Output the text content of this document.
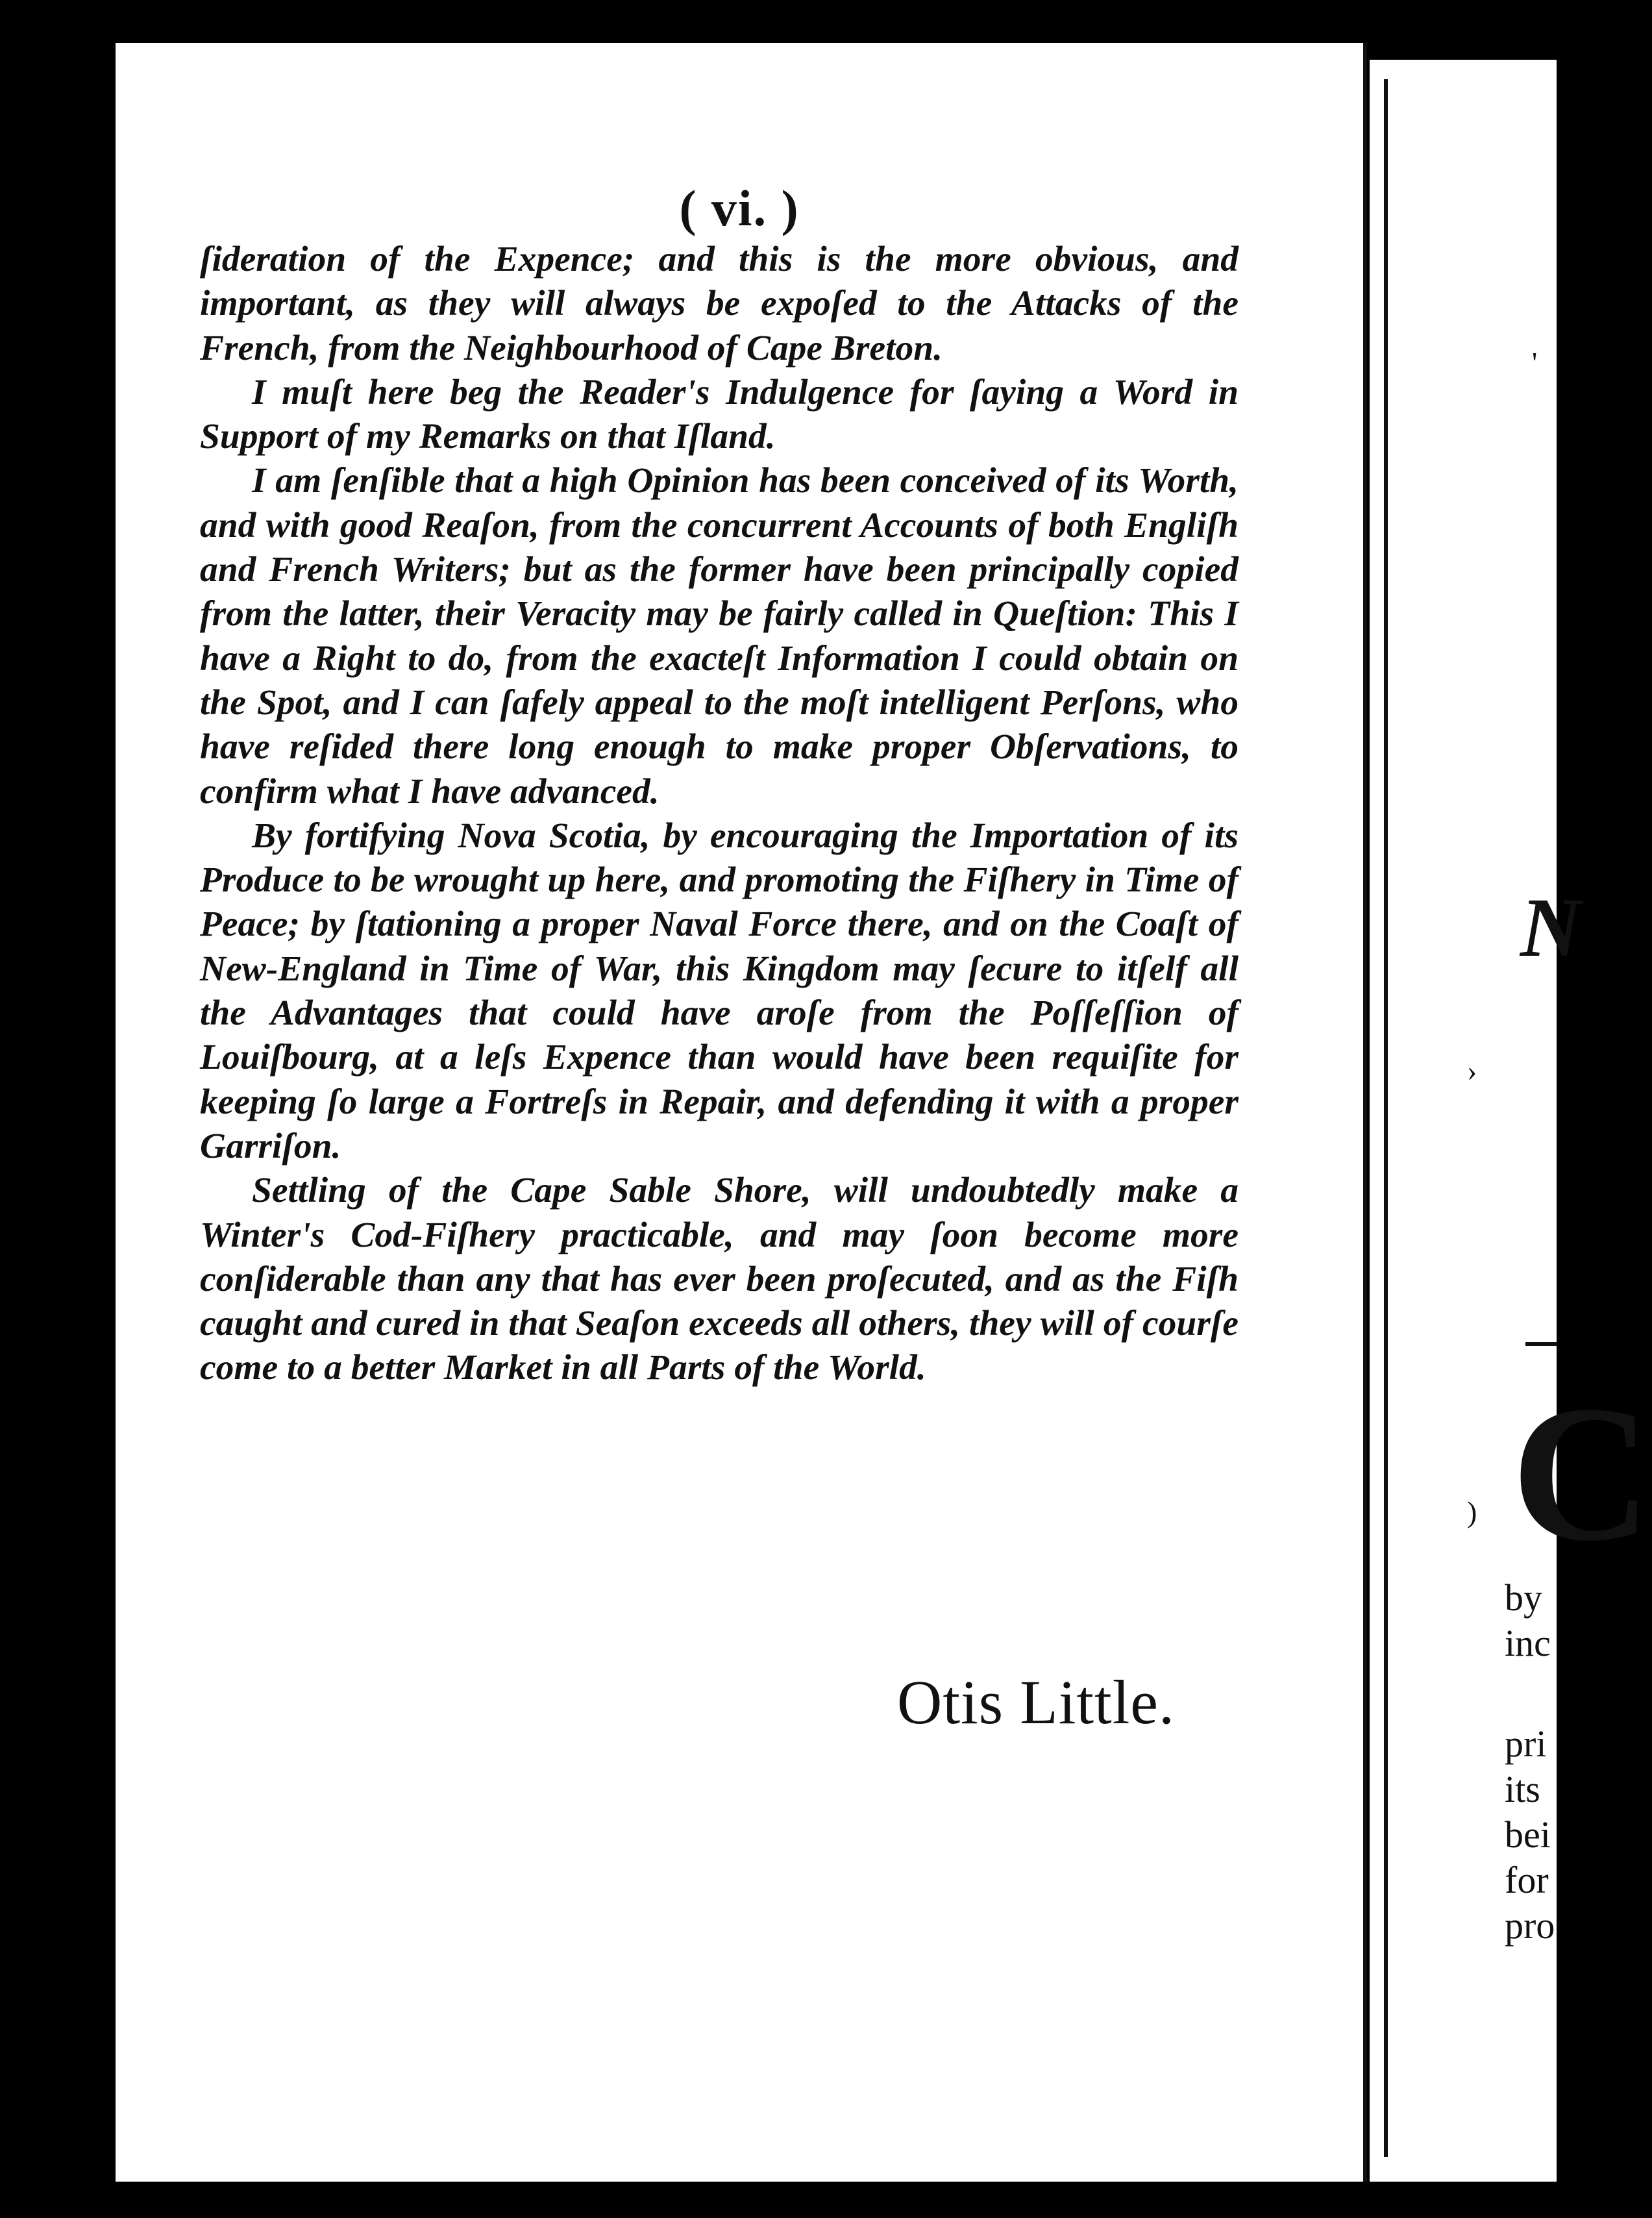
( vi. )

ſideration of the Expence; and this is the more obvious, and important, as they will always be expoſed to the Attacks of the French, from the Neighbourhood of Cape Breton.

I muſt here beg the Reader's Indulgence for ſaying a Word in Support of my Remarks on that Iſland.

I am ſenſible that a high Opinion has been conceived of its Worth, and with good Reaſon, from the concurrent Accounts of both Engliſh and French Writers; but as the former have been principally copied from the latter, their Veracity may be fairly called in Queſtion: This I have a Right to do, from the exacteſt Information I could obtain on the Spot, and I can ſafely appeal to the moſt intelligent Perſons, who have reſided there long enough to make proper Obſervations, to confirm what I have advanced.

By fortifying Nova Scotia, by encouraging the Importation of its Produce to be wrought up here, and promoting the Fiſhery in Time of Peace; by ſtationing a proper Naval Force there, and on the Coaſt of New-England in Time of War, this Kingdom may ſecure to itſelf all the Advantages that could have aroſe from the Poſſeſſion of Louiſbourg, at a leſs Expence than would have been requiſite for keeping ſo large a Fortreſs in Repair, and defending it with a proper Garriſon.

Settling of the Cape Sable Shore, will undoubtedly make a Winter's Cod-Fiſhery practicable, and may ſoon become more conſiderable than any that has ever been proſecuted, and as the Fiſh caught and cured in that Seaſon exceeds all others, they will of courſe come to a better Market in all Parts of the World.

Otis Little.
'
›
)
N
C
by
inc
pri
its
bei
for
pro
